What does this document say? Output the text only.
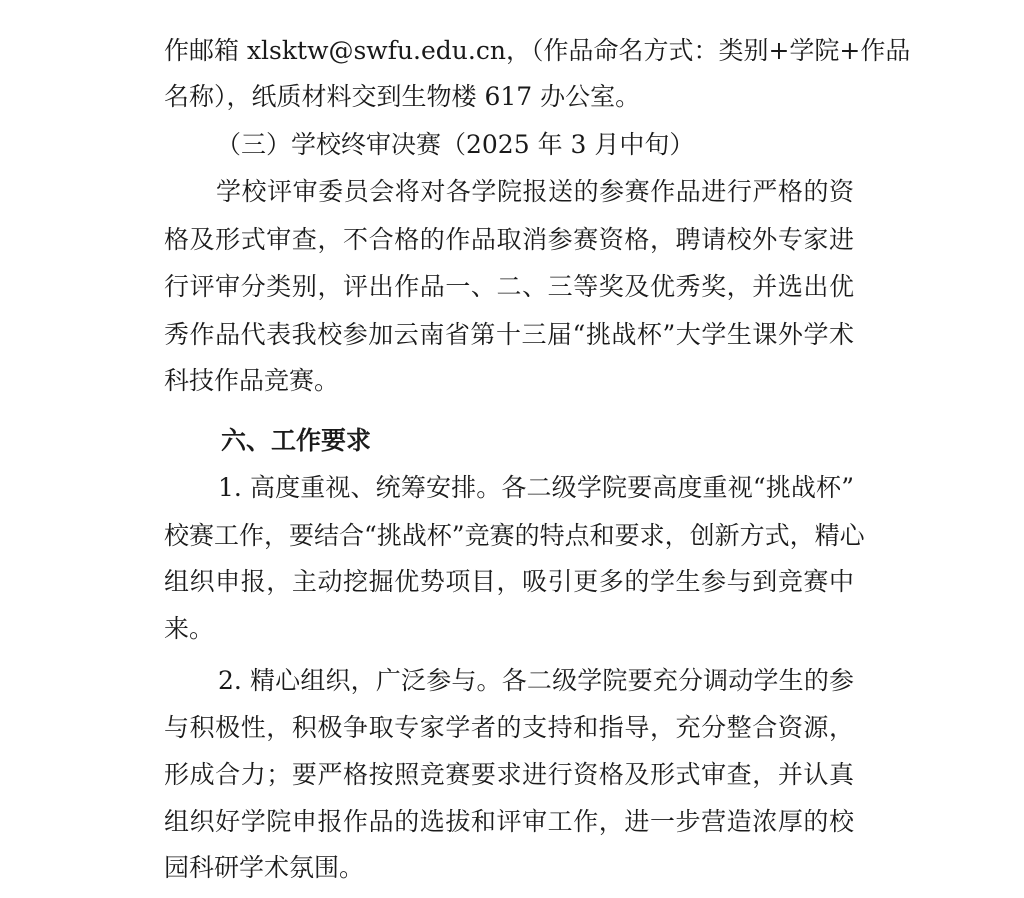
作邮箱 xlsktw@swfu.edu.cn，（作品命名方式：类别+学院+作品
名称），纸质材料交到生物楼 617 办公室。
（三）学校终审决赛（2025 年 3 月中旬）
学校评审委员会将对各学院报送的参赛作品进行严格的资
格及形式审查，不合格的作品取消参赛资格，聘请校外专家进
行评审分类别，评出作品一、二、三等奖及优秀奖，并选出优
秀作品代表我校参加云南省第十三届“挑战杯”大学生课外学术
科技作品竞赛。
六、工作要求
1. 高度重视、统筹安排。各二级学院要高度重视“挑战杯”
校赛工作，要结合“挑战杯”竞赛的特点和要求，创新方式，精心
组织申报，主动挖掘优势项目，吸引更多的学生参与到竞赛中
来。
2. 精心组织，广泛参与。各二级学院要充分调动学生的参
与积极性，积极争取专家学者的支持和指导，充分整合资源，
形成合力；要严格按照竞赛要求进行资格及形式审查，并认真
组织好学院申报作品的选拔和评审工作，进一步营造浓厚的校
园科研学术氛围。
